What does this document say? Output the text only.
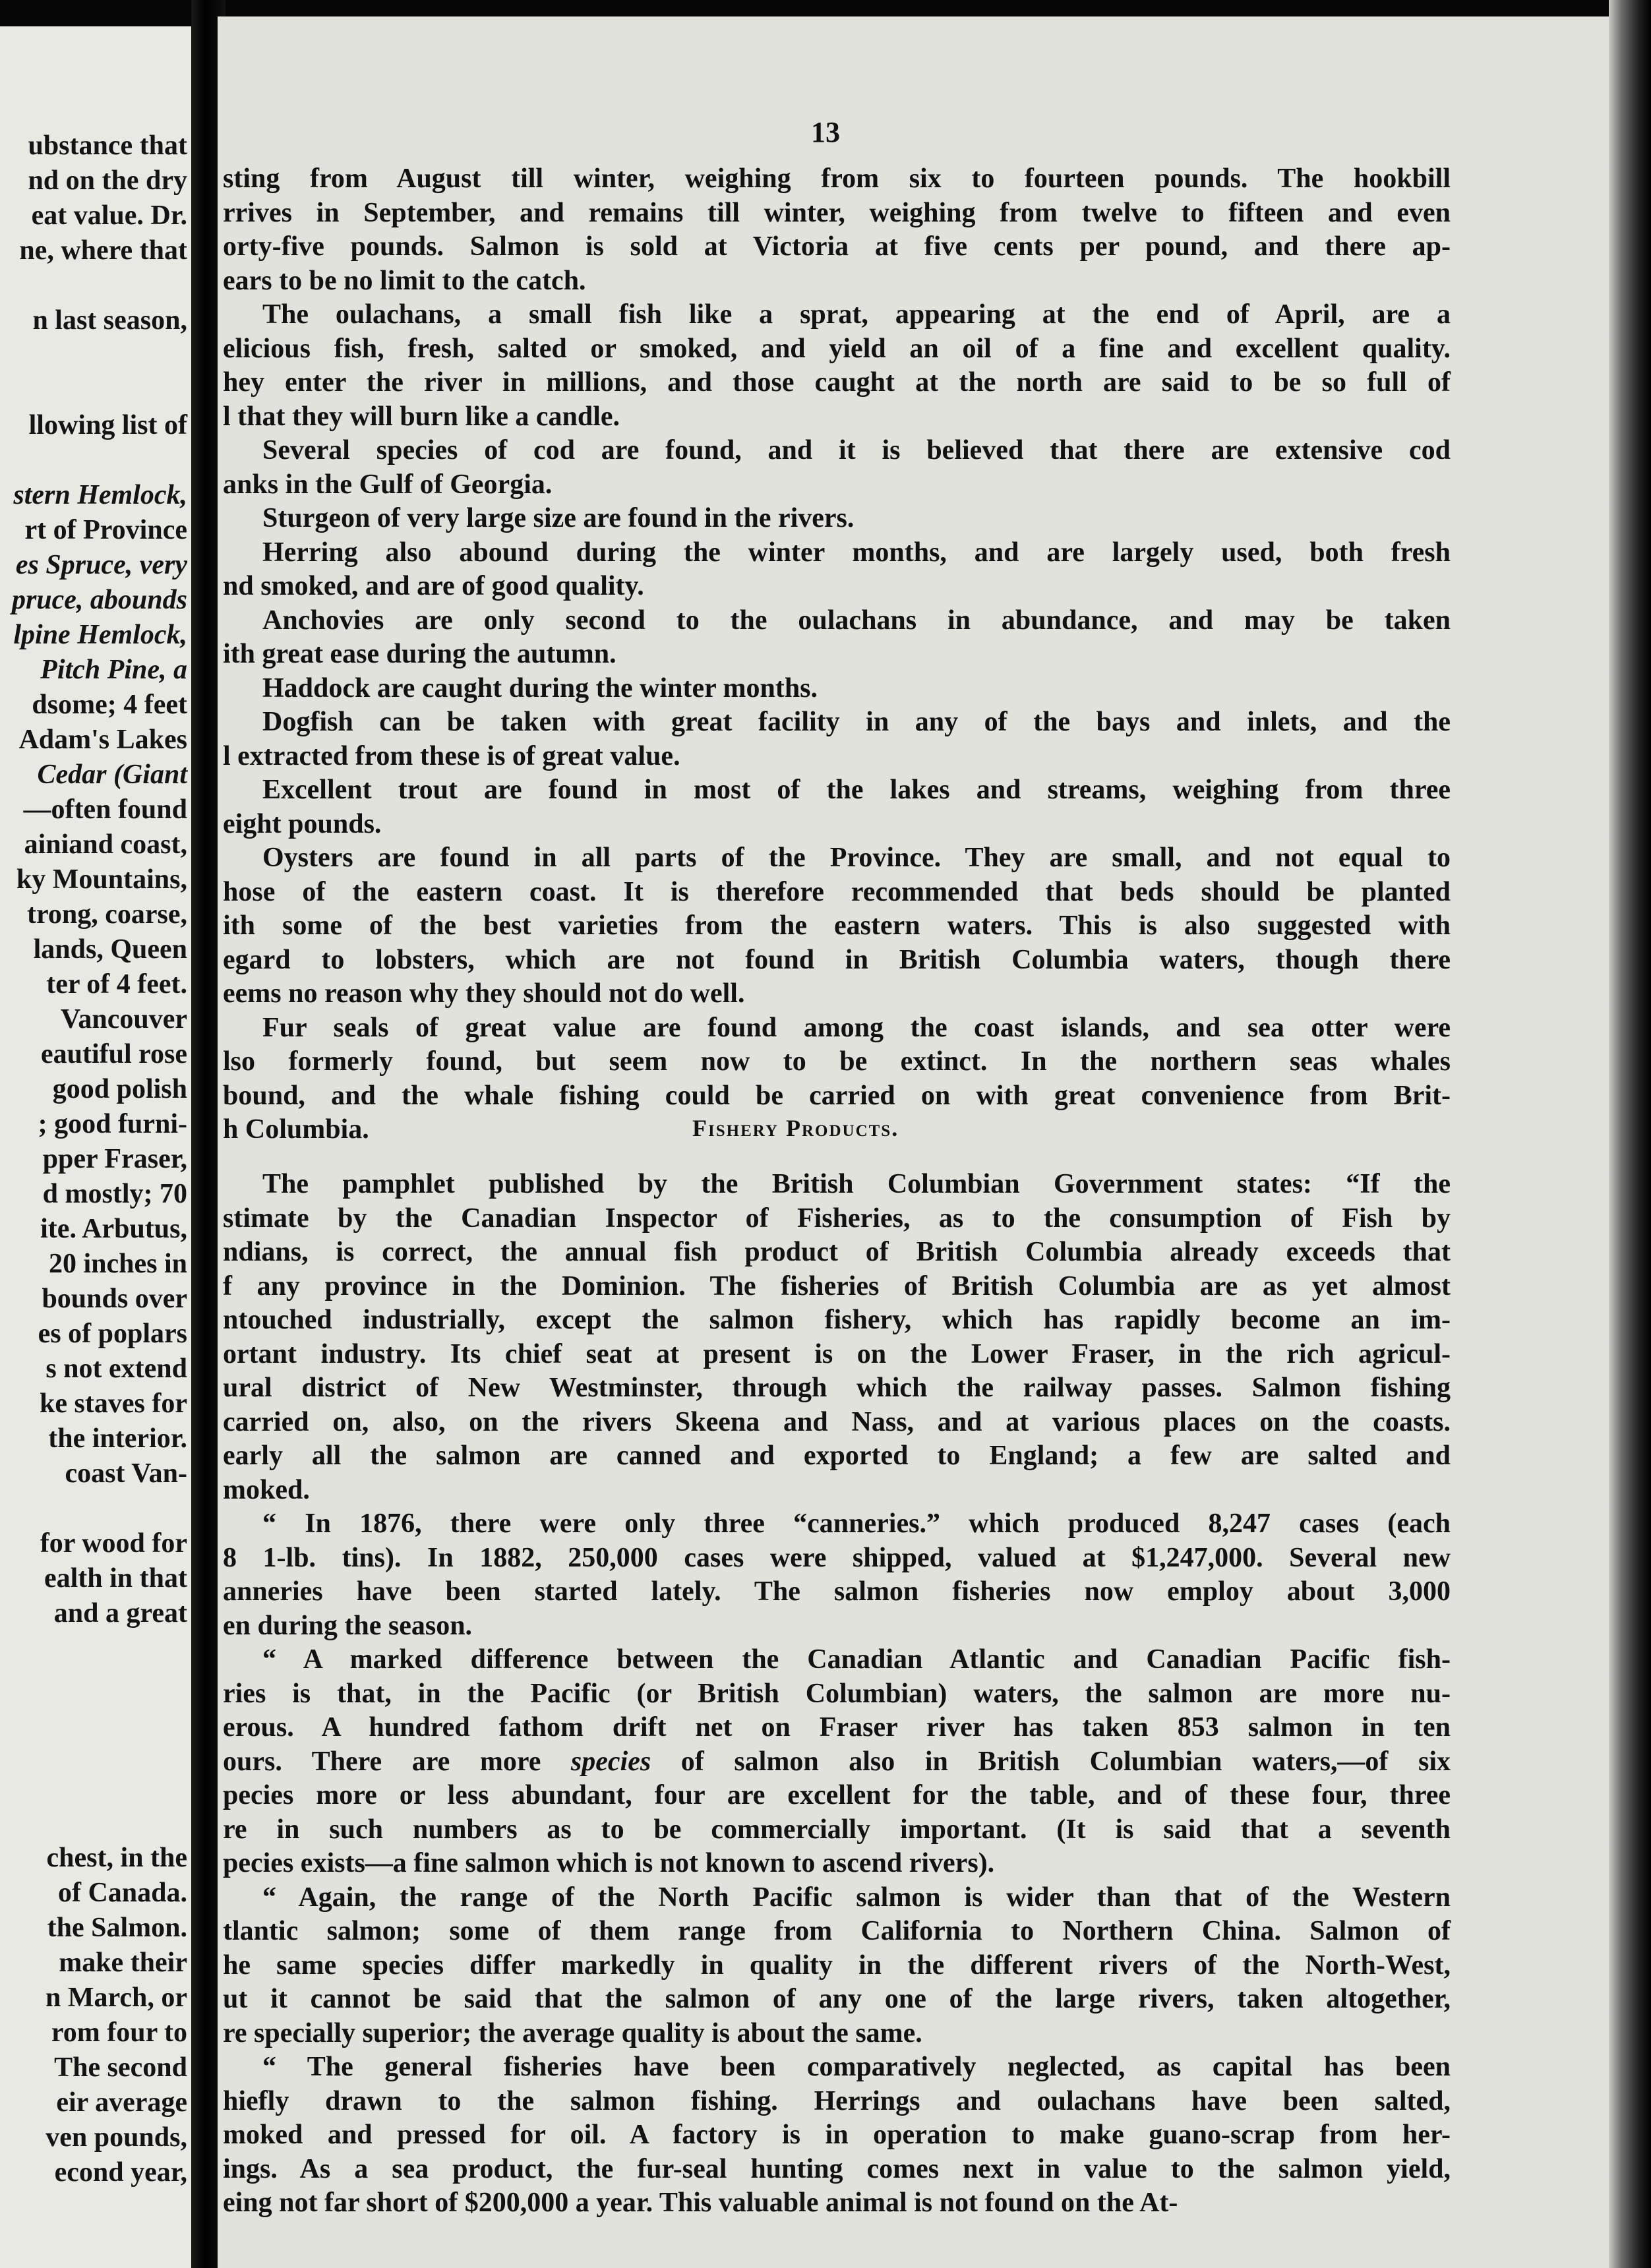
ubstance that
nd on the dry
eat value. Dr.
ne, where that
n last season,
llowing list of
stern Hemlock,
rt of Province
es Spruce, very
pruce, abounds
lpine Hemlock,
Pitch Pine, a
dsome; 4 feet
Adam's Lakes
Cedar (Giant
—often found
ainiand coast,
ky Mountains,
trong, coarse,
lands, Queen
ter of 4 feet.
Vancouver
eautiful rose
good polish
; good furni-
pper Fraser,
d mostly; 70
ite. Arbutus,
20 inches in
bounds over
es of poplars
s not extend
ke staves for
the interior.
coast Van-
for wood for
ealth in that
and a great
chest, in the
of Canada.
the Salmon.
make their
n March, or
rom four to
The second
eir average
ven pounds,
econd year,
13
sting from August till winter, weighing from six to fourteen pounds. The hookbill
rrives in September, and remains till winter, weighing from twelve to fifteen and even
orty-five pounds. Salmon is sold at Victoria at five cents per pound, and there ap-
ears to be no limit to the catch.
The oulachans, a small fish like a sprat, appearing at the end of April, are a
elicious fish, fresh, salted or smoked, and yield an oil of a fine and excellent quality.
hey enter the river in millions, and those caught at the north are said to be so full of
l that they will burn like a candle.
Several species of cod are found, and it is believed that there are extensive cod
anks in the Gulf of Georgia.
Sturgeon of very large size are found in the rivers.
Herring also abound during the winter months, and are largely used, both fresh
nd smoked, and are of good quality.
Anchovies are only second to the oulachans in abundance, and may be taken
ith great ease during the autumn.
Haddock are caught during the winter months.
Dogfish can be taken with great facility in any of the bays and inlets, and the
l extracted from these is of great value.
Excellent trout are found in most of the lakes and streams, weighing from three
eight pounds.
Oysters are found in all parts of the Province. They are small, and not equal to
hose of the eastern coast. It is therefore recommended that beds should be planted
ith some of the best varieties from the eastern waters. This is also suggested with
egard to lobsters, which are not found in British Columbia waters, though there
eems no reason why they should not do well.
Fur seals of great value are found among the coast islands, and sea otter were
lso formerly found, but seem now to be extinct. In the northern seas whales
bound, and the whale fishing could be carried on with great convenience from Brit-
h Columbia.	Fishery Products.
The pamphlet published by the British Columbian Government states: “If the
stimate by the Canadian Inspector of Fisheries, as to the consumption of Fish by
ndians, is correct, the annual fish product of British Columbia already exceeds that
f any province in the Dominion. The fisheries of British Columbia are as yet almost
ntouched industrially, except the salmon fishery, which has rapidly become an im-
ortant industry. Its chief seat at present is on the Lower Fraser, in the rich agricul-
ural district of New Westminster, through which the railway passes. Salmon fishing
carried on, also, on the rivers Skeena and Nass, and at various places on the coasts.
early all the salmon are canned and exported to England; a few are salted and
moked.
“ In 1876, there were only three “canneries.” which produced 8,247 cases (each
8 1-lb. tins). In 1882, 250,000 cases were shipped, valued at $1,247,000. Several new
anneries have been started lately. The salmon fisheries now employ about 3,000
en during the season.
“ A marked difference between the Canadian Atlantic and Canadian Pacific fish-
ries is that, in the Pacific (or British Columbian) waters, the salmon are more nu-
erous. A hundred fathom drift net on Fraser river has taken 853 salmon in ten
ours. There are more species of salmon also in British Columbian waters,—of six
pecies more or less abundant, four are excellent for the table, and of these four, three
re in such numbers as to be commercially important. (It is said that a seventh
pecies exists—a fine salmon which is not known to ascend rivers).
“ Again, the range of the North Pacific salmon is wider than that of the Western
tlantic salmon; some of them range from California to Northern China. Salmon of
he same species differ markedly in quality in the different rivers of the North-West,
ut it cannot be said that the salmon of any one of the large rivers, taken altogether,
re specially superior; the average quality is about the same.
“ The general fisheries have been comparatively neglected, as capital has been
hiefly drawn to the salmon fishing. Herrings and oulachans have been salted,
moked and pressed for oil. A factory is in operation to make guano-scrap from her-
ings. As a sea product, the fur-seal hunting comes next in value to the salmon yield,
eing not far short of $200,000 a year. This valuable animal is not found on the At-
